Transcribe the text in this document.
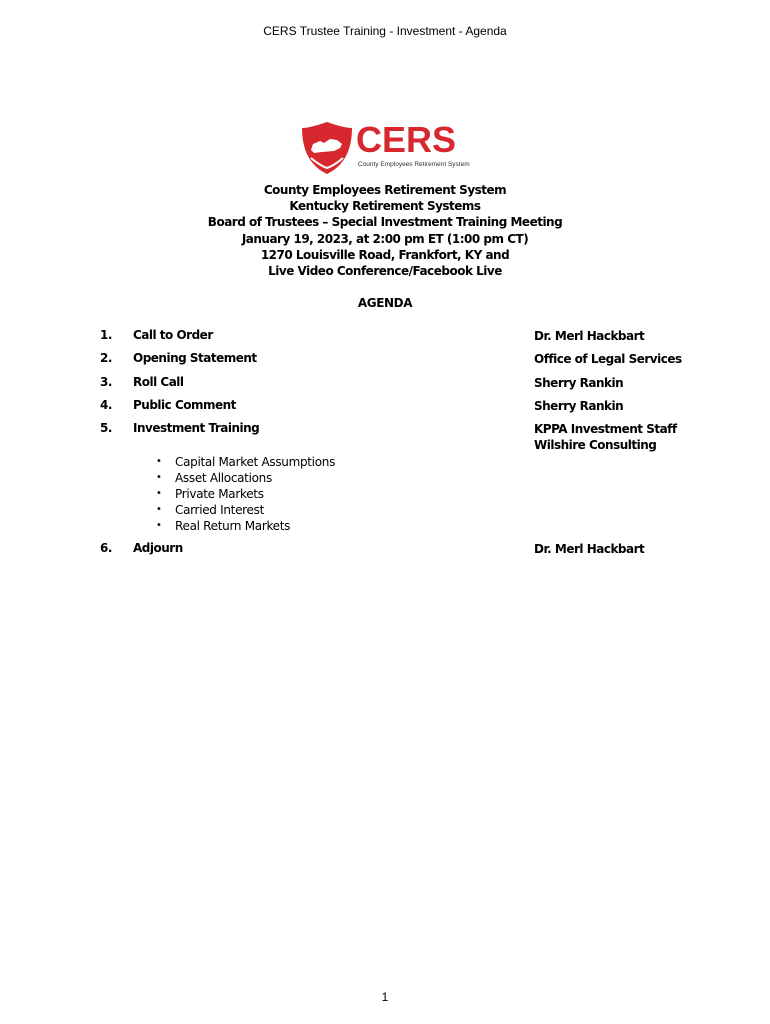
CERS Trustee Training - Investment - Agenda
CERS
County Employees Retirement System
County Employees Retirement System
Kentucky Retirement Systems
Board of Trustees – Special Investment Training Meeting
January 19, 2023, at 2:00 pm ET (1:00 pm CT)
1270 Louisville Road, Frankfort, KY and
Live Video Conference/Facebook Live
AGENDA
1. Call to Order	Dr. Merl Hackbart
2. Opening Statement	Office of Legal Services
3. Roll Call	Sherry Rankin
4. Public Comment	Sherry Rankin
5. Investment Training	KPPA Investment Staff
Wilshire Consulting
• Capital Market Assumptions
• Asset Allocations
• Private Markets
• Carried Interest
• Real Return Markets
6. Adjourn	Dr. Merl Hackbart
1
